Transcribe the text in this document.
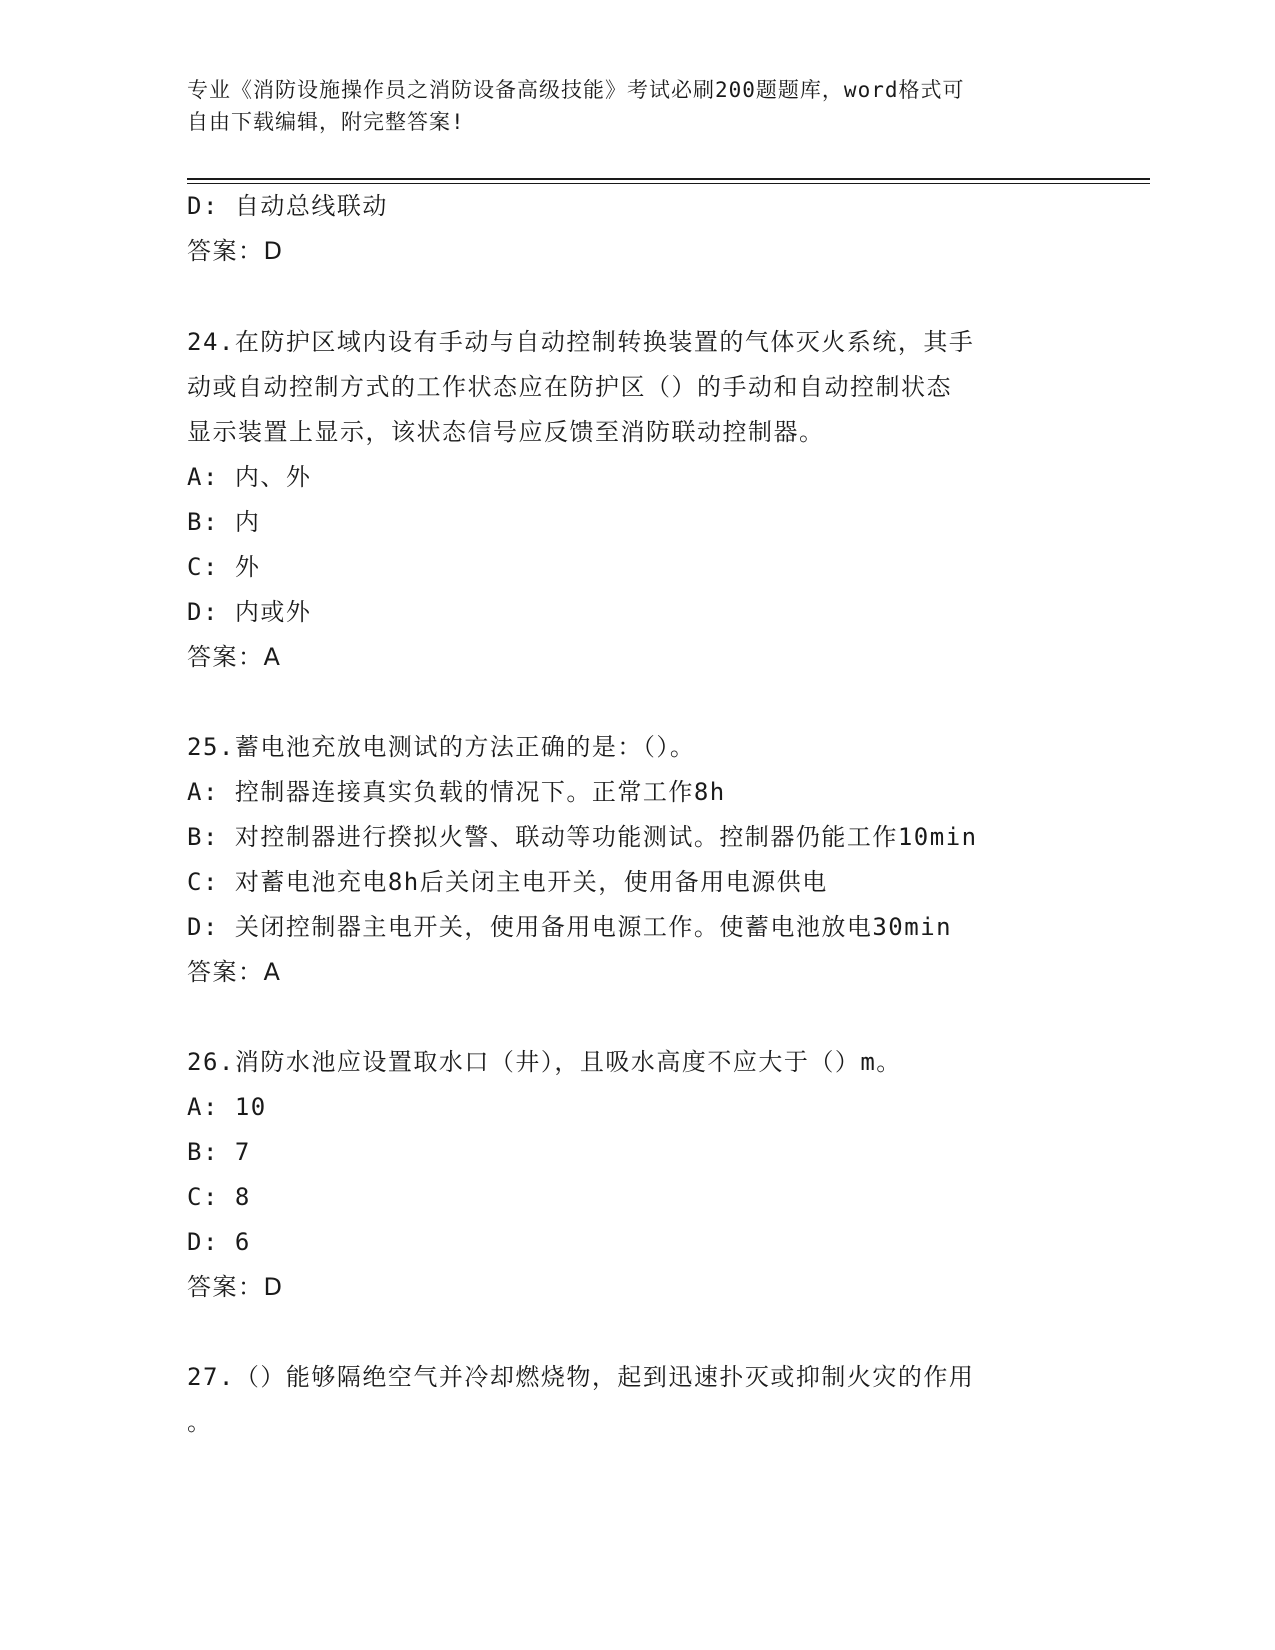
专业《消防设施操作员之消防设备高级技能》考试必刷200题题库，word格式可
自由下载编辑，附完整答案!
D: 自动总线联动
答案：D
24.在防护区域内设有手动与自动控制转换装置的气体灭火系统，其手
动或自动控制方式的工作状态应在防护区（）的手动和自动控制状态
显示装置上显示，该状态信号应反馈至消防联动控制器。
A: 内、外
B: 内
C: 外
D: 内或外
答案：A
25.蓄电池充放电测试的方法正确的是：（）。
A: 控制器连接真实负载的情况下。正常工作8h
B: 对控制器进行揆拟火警、联动等功能测试。控制器仍能工作10min
C: 对蓄电池充电8h后关闭主电开关，使用备用电源供电
D: 关闭控制器主电开关，使用备用电源工作。使蓄电池放电30min
答案：A
26.消防水池应设置取水口（井），且吸水高度不应大于（）m。
A: 10
B: 7
C: 8
D: 6
答案：D
27.（）能够隔绝空气并冷却燃烧物，起到迅速扑灭或抑制火灾的作用
。
